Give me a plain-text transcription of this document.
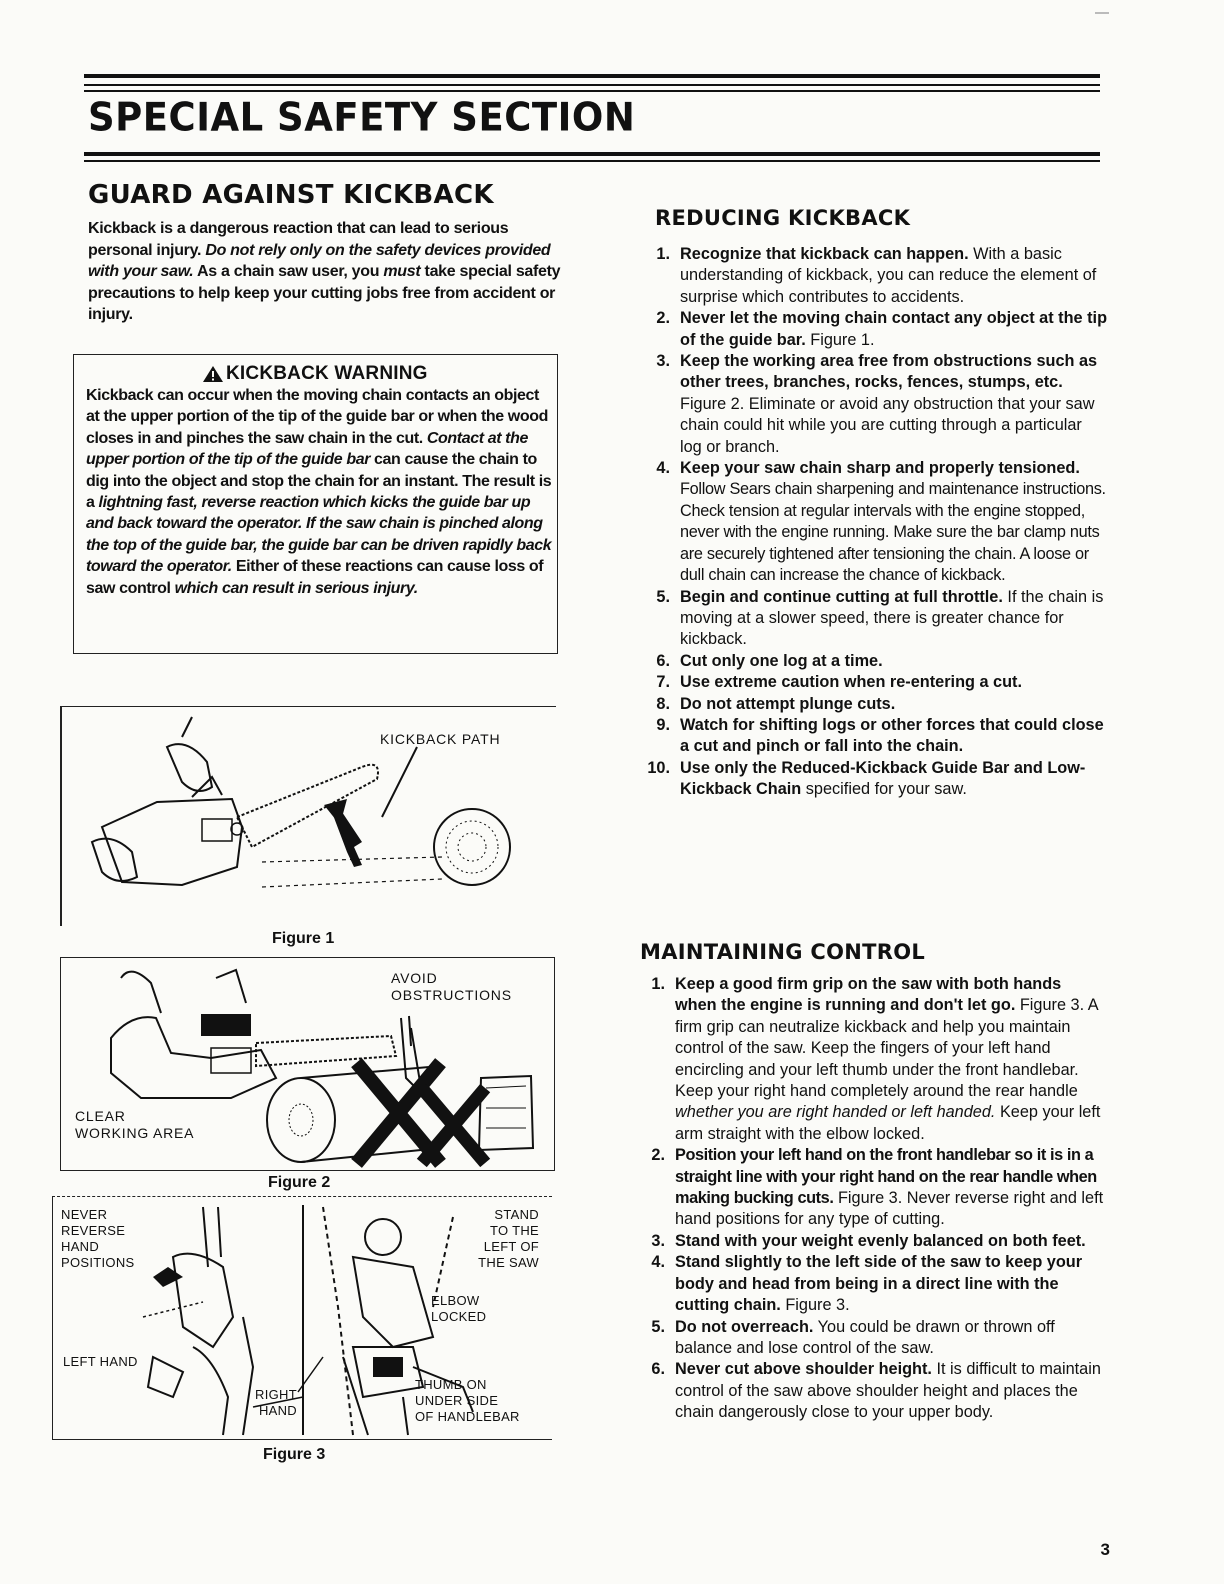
SPECIAL SAFETY SECTION
GUARD AGAINST KICKBACK

Kickback is a dangerous reaction that can lead to serious personal injury. Do not rely only on the safety devices provided with your saw. As a chain saw user, you must take special safety precautions to help keep your cutting jobs free from accident or injury.

KICKBACK WARNING

Kickback can occur when the moving chain contacts an object at the upper portion of the tip of the guide bar or when the wood closes in and pinches the saw chain in the cut. Contact at the upper portion of the tip of the guide bar can cause the chain to dig into the object and stop the chain for an instant. The result is a lightning fast, reverse reaction which kicks the guide bar up and back toward the operator. If the saw chain is pinched along the top of the guide bar, the guide bar can be driven rapidly back toward the operator. Either of these reactions can cause loss of saw control which can result in serious injury.

KICKBACK PATH
Figure 1
AVOID
OBSTRUCTIONS
CLEAR
WORKING AREA
Figure 2
NEVER
REVERSE
HAND
POSITIONS
LEFT HAND
RIGHT
HAND
STAND
TO THE
LEFT OF
THE SAW
ELBOW
LOCKED
THUMB ON
UNDER SIDE
OF HANDLEBAR
Figure 3
REDUCING KICKBACK
1 . Recognize that kickback can happen. With a basic understanding of kickback, you can reduce the element of surprise which contributes to accidents.
2 . Never let the moving chain contact any object at the tip of the guide bar. Figure 1.
3 . Keep the working area free from obstructions such as other trees, branches, rocks, fences, stumps, etc. Figure 2. Eliminate or avoid any obstruction that your saw chain could hit while you are cutting through a particular log or branch.
4 . Keep your saw chain sharp and properly tensioned. Follow Sears chain sharpening and maintenance instructions. Check tension at regular intervals with the engine stopped, never with the engine running. Make sure the bar clamp nuts are securely tightened after tensioning the chain. A loose or dull chain can increase the chance of kickback.
5 . Begin and continue cutting at full throttle. If the chain is moving at a slower speed, there is greater chance for kickback.
6 . Cut only one log at a time.
7 . Use extreme caution when re-entering a cut.
8 . Do not attempt plunge cuts.
9 . Watch for shifting logs or other forces that could close a cut and pinch or fall into the chain.
10 . Use only the Reduced-Kickback Guide Bar and Low-Kickback Chain specified for your saw.
MAINTAINING CONTROL
1 . Keep a good firm grip on the saw with both hands when the engine is running and don't let go. Figure 3. A firm grip can neutralize kickback and help you maintain control of the saw. Keep the fingers of your left hand encircling and your left thumb under the front handlebar. Keep your right hand completely around the rear handle whether you are right handed or left handed. Keep your left arm straight with the elbow locked.
2 . Position your left hand on the front handlebar so it is in a straight line with your right hand on the rear handle when making bucking cuts. Figure 3. Never reverse right and left hand positions for any type of cutting.
3 . Stand with your weight evenly balanced on both feet.
4 . Stand slightly to the left side of the saw to keep your body and head from being in a direct line with the cutting chain. Figure 3.
5 . Do not overreach. You could be drawn or thrown off balance and lose control of the saw.
6 . Never cut above shoulder height. It is difficult to maintain control of the saw above shoulder height and places the chain dangerously close to your upper body.
3
